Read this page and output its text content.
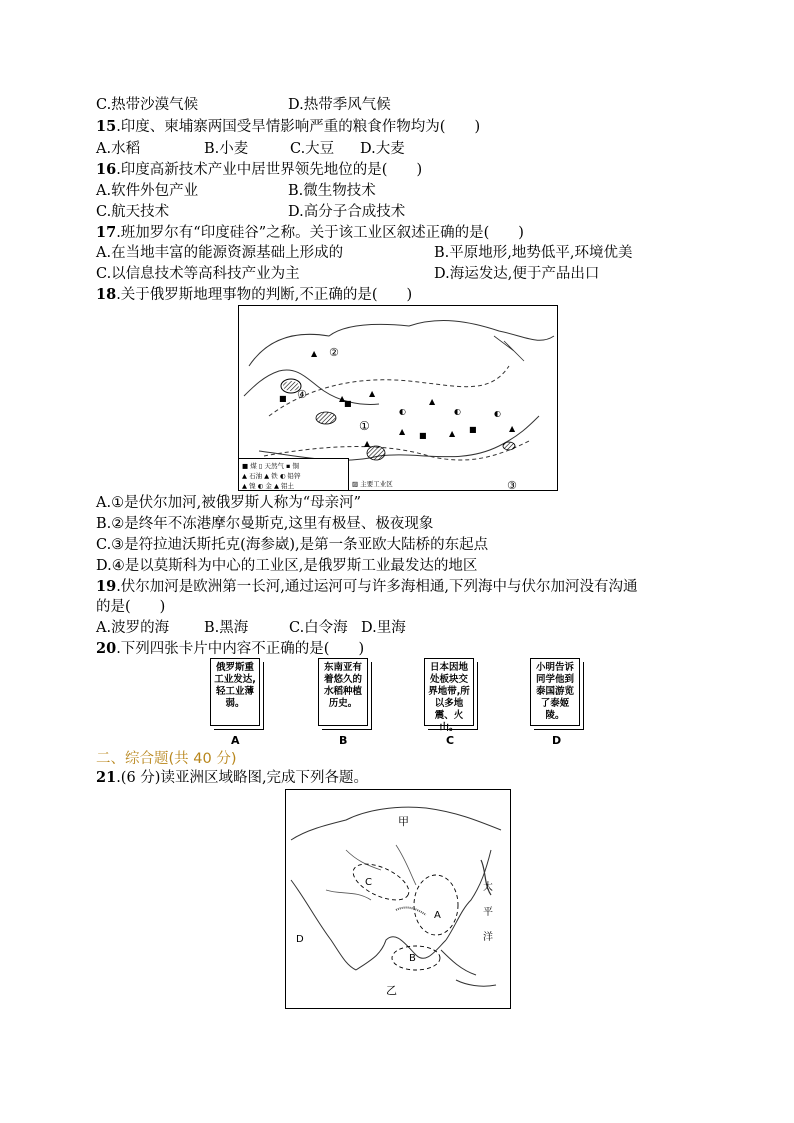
C.热带沙漠气候	D.热带季风气候
15.印度、柬埔寨两国受旱情影响严重的粮食作物均为(　　)
A.水稻	B.小麦	C.大豆 D.大麦
16.印度高新技术产业中居世界领先地位的是(　　)
A.软件外包产业	B.微生物技术
C.航天技术	D.高分子合成技术
17.班加罗尔有“印度硅谷”之称。关于该工业区叙述正确的是(　　)
A.在当地丰富的能源资源基础上形成的	B.平原地形,地势低平,环境优美
C.以信息技术等高科技产业为主	D.海运发达,便于产品出口
18.关于俄罗斯地理事物的判断,不正确的是(　　)
①
②
③
④
▲
■	▲
◐
▲
◐
▲ ■	▲ ■
◐
▲
▲
■
▲
■ 煤 ▯ 天然气 ▪ 铜
▲ 石油 ▲ 铁 ◐ 铅锌
▲ 镍 ◐ 金 ▲ 铝土	▨ 主要工业区
A.①是伏尔加河,被俄罗斯人称为“母亲河”
B.②是终年不冻港摩尔曼斯克,这里有极昼、极夜现象
C.③是符拉迪沃斯托克(海参崴),是第一条亚欧大陆桥的东起点
D.④是以莫斯科为中心的工业区,是俄罗斯工业最发达的地区
19.伏尔加河是欧洲第一长河,通过运河可与许多海相通,下列海中与伏尔加河没有沟通
的是(　　)
A.波罗的海 B.黑海	C.白令海 D.里海
20.下列四张卡片中内容不正确的是(　　)
俄罗斯重工业发达,轻工业薄弱。
A
东南亚有着悠久的水稻种植历史。
B
日本因地处板块交界地带,所以多地震、火山。
C
小明告诉同学他到泰国游览了泰姬陵。
D
二、综合题(共 40 分)
21.(6 分)读亚洲区域略图,完成下列各题。
甲
C
A
B
D
乙
太
平
洋
